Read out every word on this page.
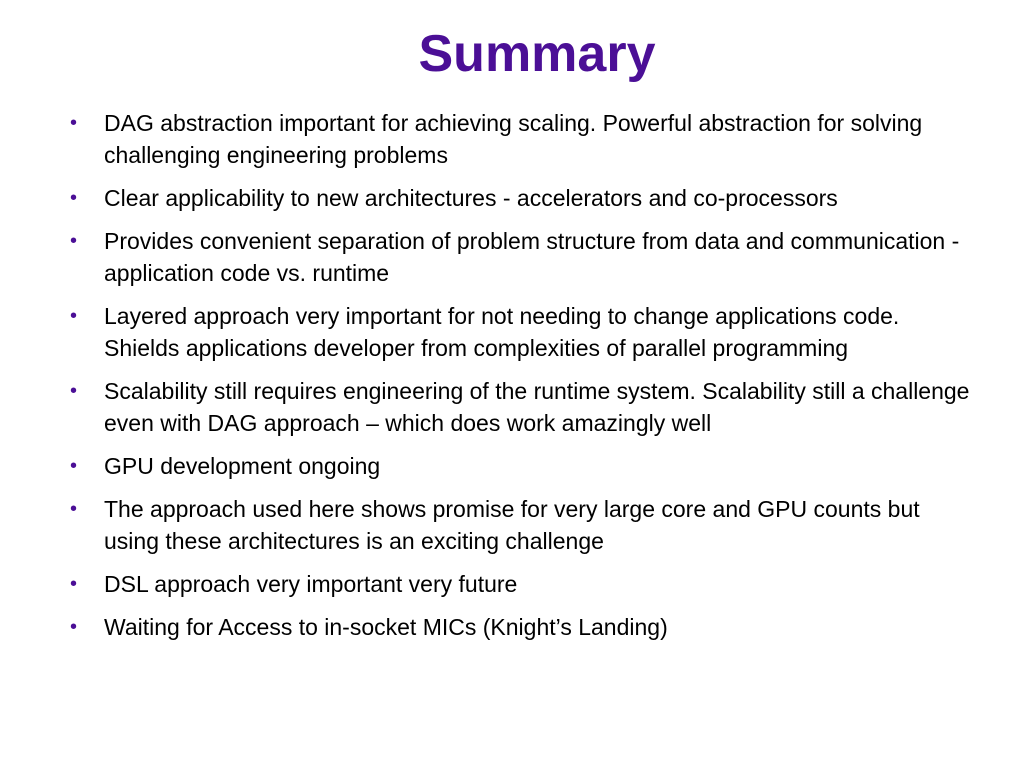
Summary
• DAG abstraction important for achieving scaling. Powerful abstraction for solving challenging engineering problems
• Clear applicability to new architectures - accelerators and co-processors
• Provides convenient separation of problem structure from data and communication - application code vs. runtime
• Layered approach very important for not needing to change applications code. Shields applications developer from complexities of parallel programming
• Scalability still requires engineering of the runtime system. Scalability still a challenge even with DAG approach – which does work amazingly well
• GPU development ongoing
• The approach used here shows promise for very large core and GPU counts but using these architectures is an exciting challenge
• DSL approach very important very future
• Waiting for Access to in-socket MICs (Knight’s Landing)
